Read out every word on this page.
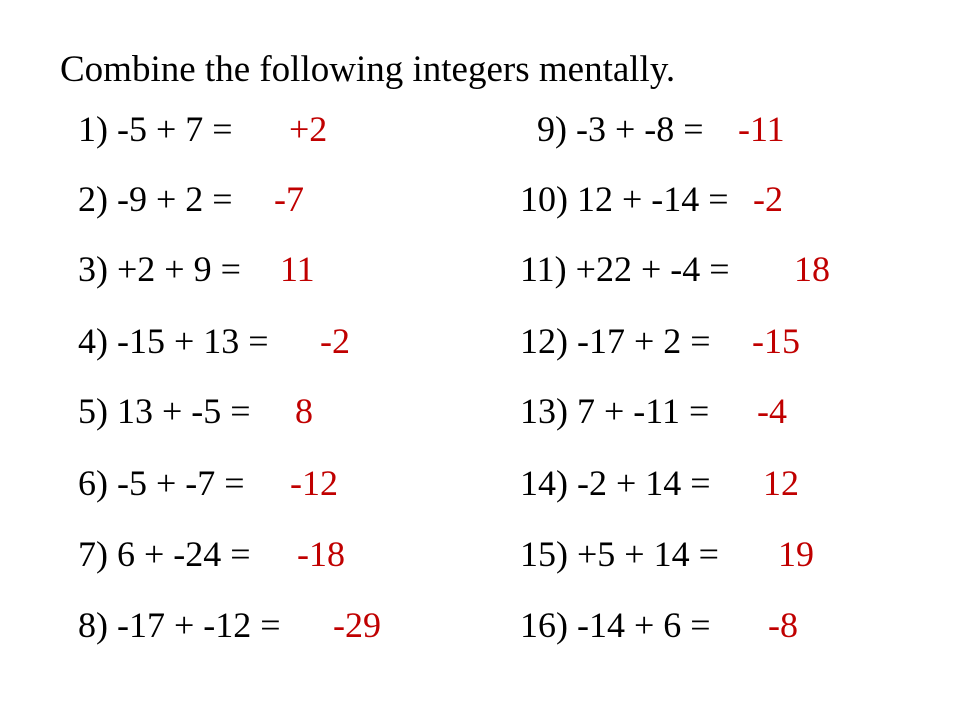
Combine the following integers mentally.
1) -5 + 7 = +2
2) -9 + 2 = -7
3) +2 + 9 = 11
4) -15 + 13 = -2
5) 13 + -5 = 8
6) -5 + -7 = -12
7) 6 + -24 = -18
8) -17 + -12 = -29
9) -3 + -8 = -11
10) 12 + -14 = -2
11) +22 + -4 = 18
12) -17 + 2 = -15
13) 7 + -11 = -4
14) -2 + 14 = 12
15) +5 + 14 = 19
16) -14 + 6 = -8
